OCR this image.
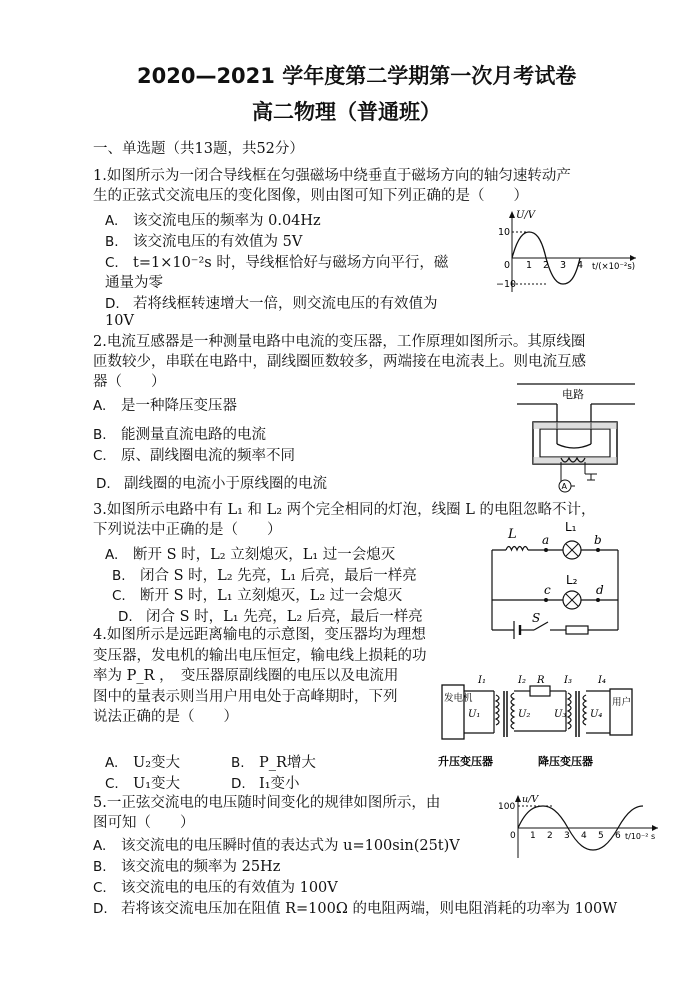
2020—2021 学年度第二学期第一次月考试卷
高二物理（普通班）
一、单选题（共13题，共52分）
1.如图所示为一闭合导线框在匀强磁场中绕垂直于磁场方向的轴匀速转动产
生的正弦式交流电压的变化图像，则由图可知下列正确的是（　　）
A. 该交流电压的频率为 0.04Hz
B. 该交流电压的有效值为 5V
C. t=1×10⁻²s 时，导线框恰好与磁场方向平行，磁
通量为零
D. 若将线框转速增大一倍，则交流电压的有效值为
10V
U/V
10
−10
0 1 2 3 4 t/(×10⁻²s)
2.电流互感器是一种测量电路中电流的变压器，工作原理如图所示。其原线圈
匝数较少，串联在电路中，副线圈匝数较多，两端接在电流表上。则电流互感
器（　　）
A. 是一种降压变压器
B. 能测量直流电路的电流
C. 原、副线圈电流的频率不同
D. 副线圈的电流小于原线圈的电流
电路
A
3.如图所示电路中有 L₁ 和 L₂ 两个完全相同的灯泡，线圈 L 的电阻忽略不计，
下列说法中正确的是（　　）
A. 断开 S 时，L₂ 立刻熄灭，L₁ 过一会熄灭
B. 闭合 S 时，L₂ 先亮，L₁ 后亮，最后一样亮
C. 断开 S 时，L₁ 立刻熄灭，L₂ 过一会熄灭
D. 闭合 S 时，L₁ 先亮，L₂ 后亮，最后一样亮
L a
L₁
b
c
L₂
d
S
4.如图所示是远距离输电的示意图，变压器均为理想
变压器，发电机的输出电压恒定，输电线上损耗的功
率为 P_R ，　变压器原副线圈的电压以及电流用
图中的量表示则当用户用电处于高峰期时，下列
说法正确的是（　　）
A. U₂变大	B. P_R增大
C. U₁变大	D. I₁变小
发电机
I₁
U₁	U₂
I₂ R I₃
U₃
I₄
U₄
用户
升压变压器	降压变压器
5.一正弦交流电的电压随时间变化的规律如图所示，由
图可知（　　）
A. 该交流电的电压瞬时值的表达式为 u=100sin(25t)V
B. 该交流电的频率为 25Hz
C. 该交流电的电压的有效值为 100V
D. 若将该交流电压加在阻值 R=100Ω 的电阻两端，则电阻消耗的功率为 100W
u/V
100
0 1 2 3 4 5 6 t/10⁻² s
